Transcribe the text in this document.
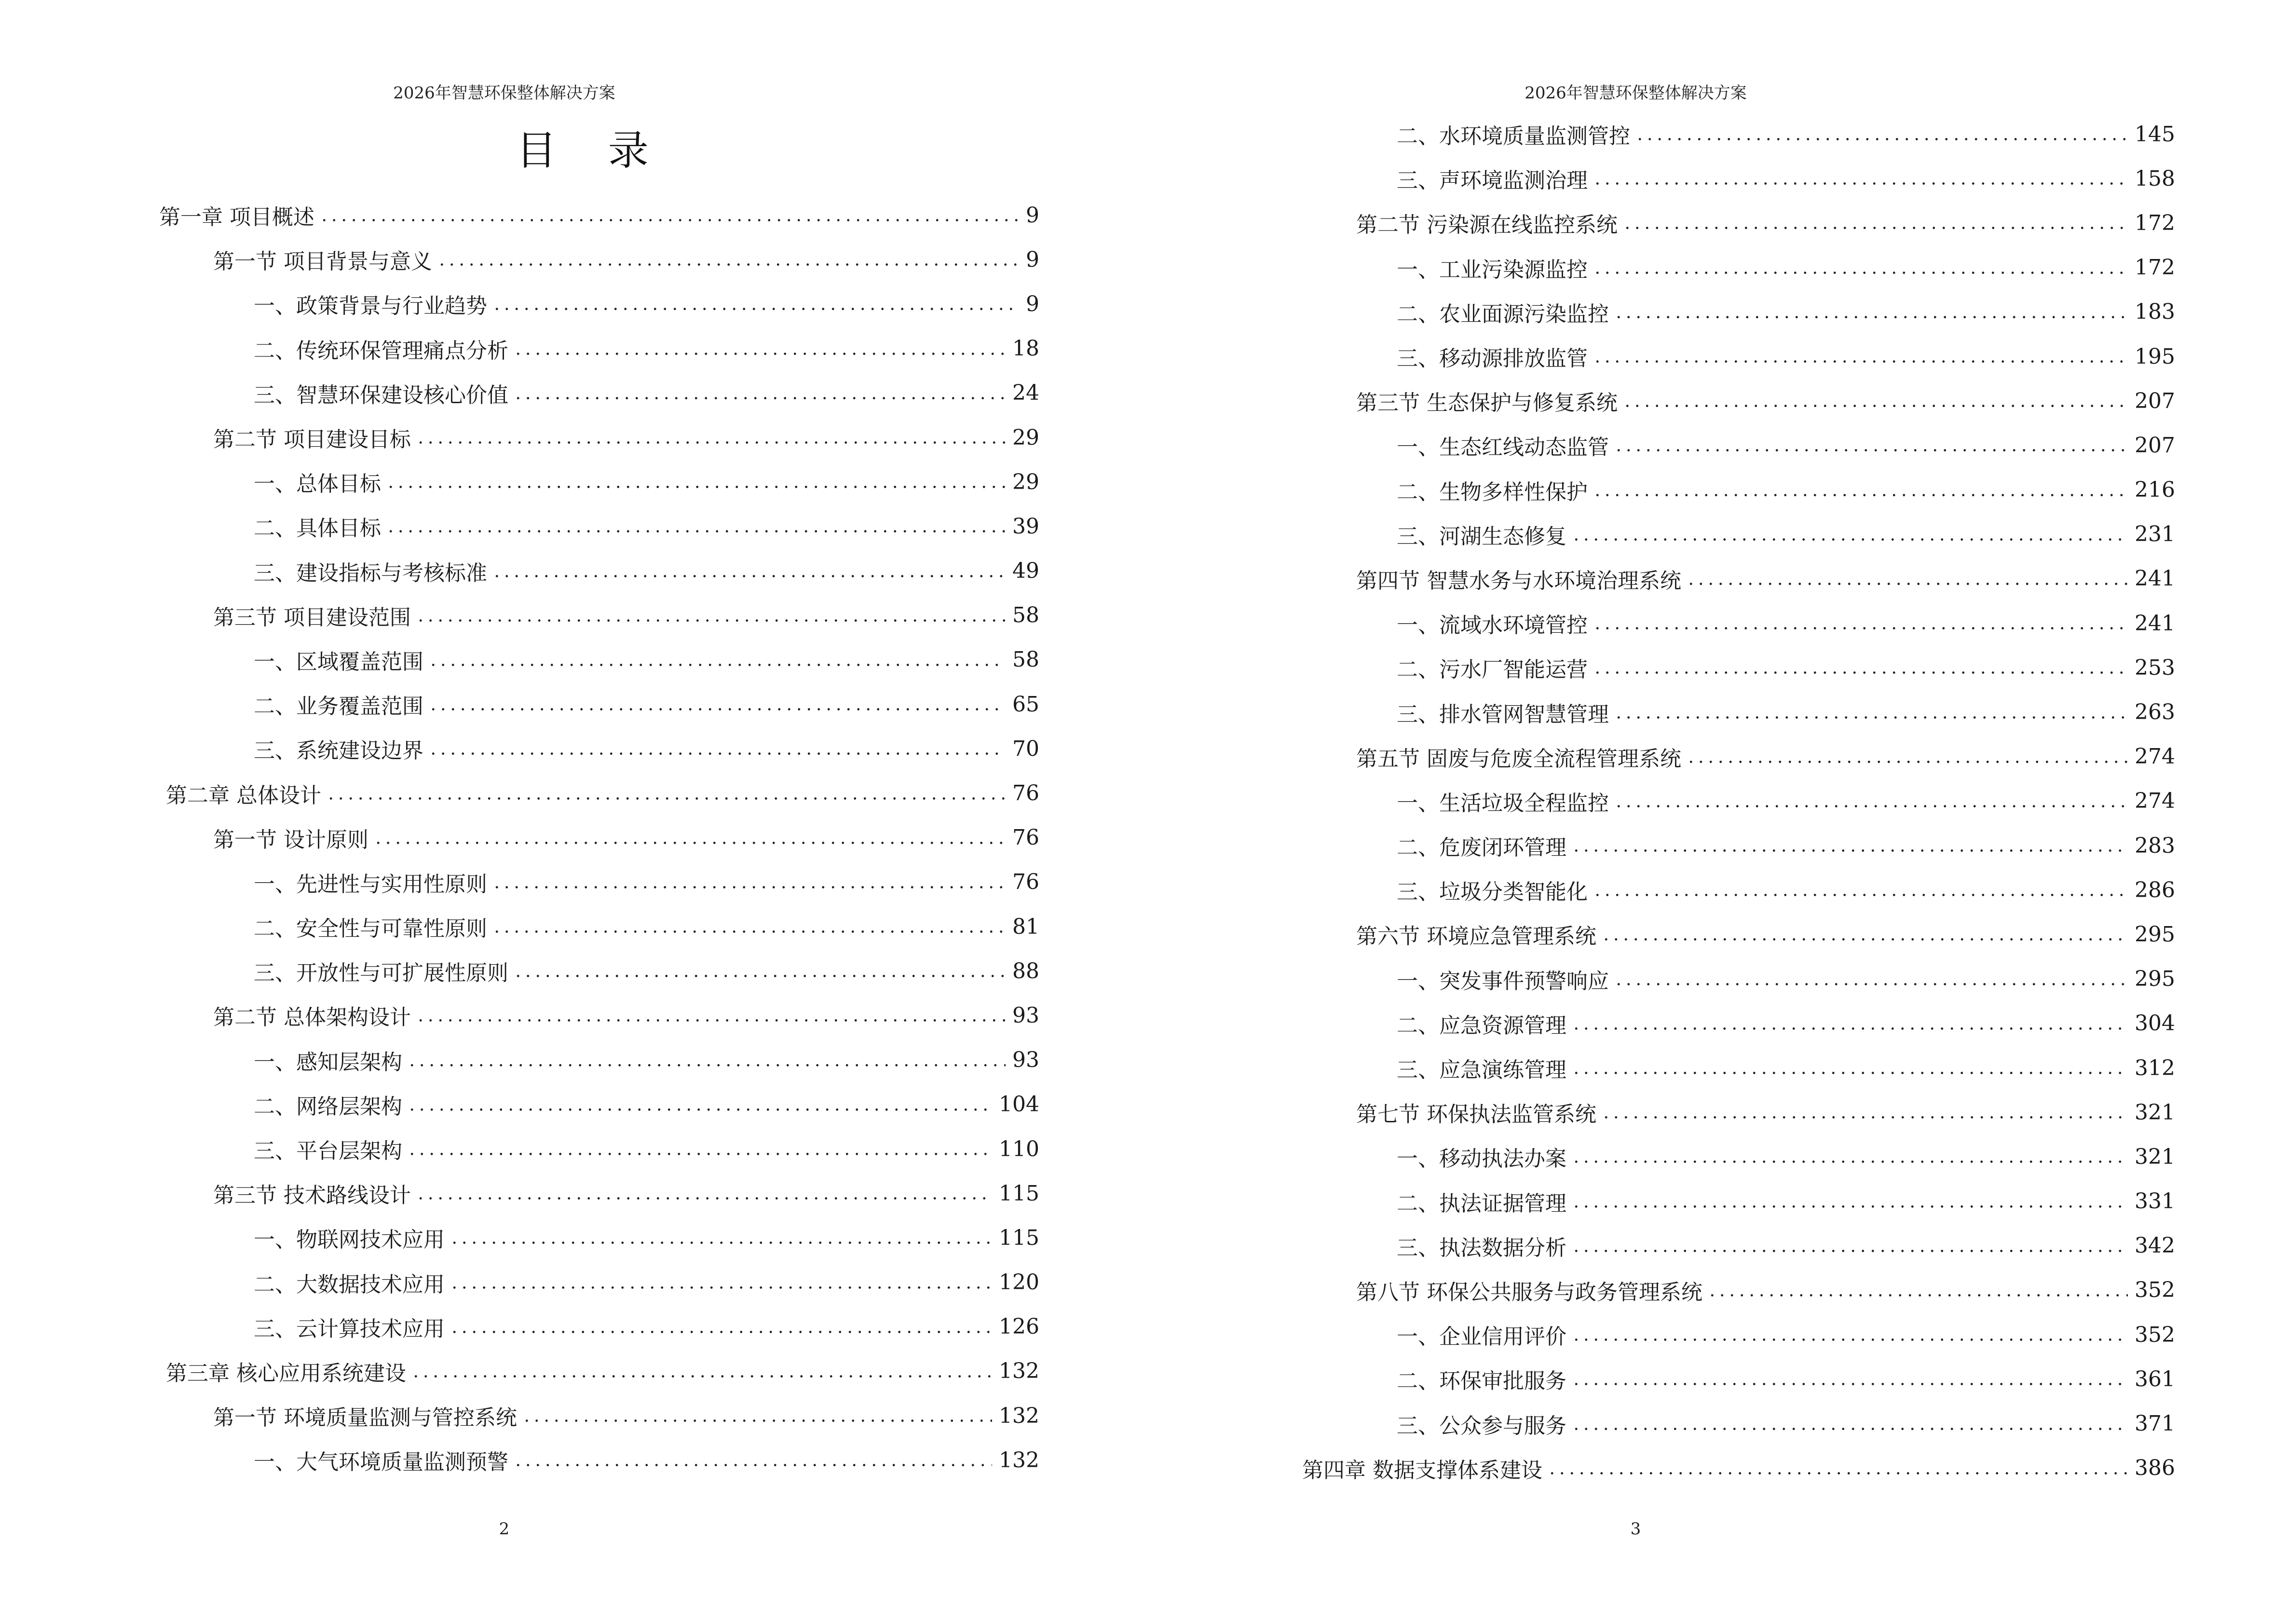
2026年智慧环保整体解决方案
目 录
第一章 项目概述	9
第一节 项目背景与意义	9
一、政策背景与行业趋势	9
二、传统环保管理痛点分析	18
三、智慧环保建设核心价值	24
第二节 项目建设目标	29
一、总体目标	29
二、具体目标	39
三、建设指标与考核标准	49
第三节 项目建设范围	58
一、区域覆盖范围	58
二、业务覆盖范围	65
三、系统建设边界	70
第二章 总体设计	76
第一节 设计原则	76
一、先进性与实用性原则	76
二、安全性与可靠性原则	81
三、开放性与可扩展性原则	88
第二节 总体架构设计	93
一、感知层架构	93
二、网络层架构	104
三、平台层架构	110
第三节 技术路线设计	115
一、物联网技术应用	115
二、大数据技术应用	120
三、云计算技术应用	126
第三章 核心应用系统建设	132
第一节 环境质量监测与管控系统	132
一、大气环境质量监测预警	132
2
2026年智慧环保整体解决方案
二、水环境质量监测管控	145
三、声环境监测治理	158
第二节 污染源在线监控系统	172
一、工业污染源监控	172
二、农业面源污染监控	183
三、移动源排放监管	195
第三节 生态保护与修复系统	207
一、生态红线动态监管	207
二、生物多样性保护	216
三、河湖生态修复	231
第四节 智慧水务与水环境治理系统	241
一、流域水环境管控	241
二、污水厂智能运营	253
三、排水管网智慧管理	263
第五节 固废与危废全流程管理系统	274
一、生活垃圾全程监控	274
二、危废闭环管理	283
三、垃圾分类智能化	286
第六节 环境应急管理系统	295
一、突发事件预警响应	295
二、应急资源管理	304
三、应急演练管理	312
第七节 环保执法监管系统	321
一、移动执法办案	321
二、执法证据管理	331
三、执法数据分析	342
第八节 环保公共服务与政务管理系统	352
一、企业信用评价	352
二、环保审批服务	361
三、公众参与服务	371
第四章 数据支撑体系建设	386
3
